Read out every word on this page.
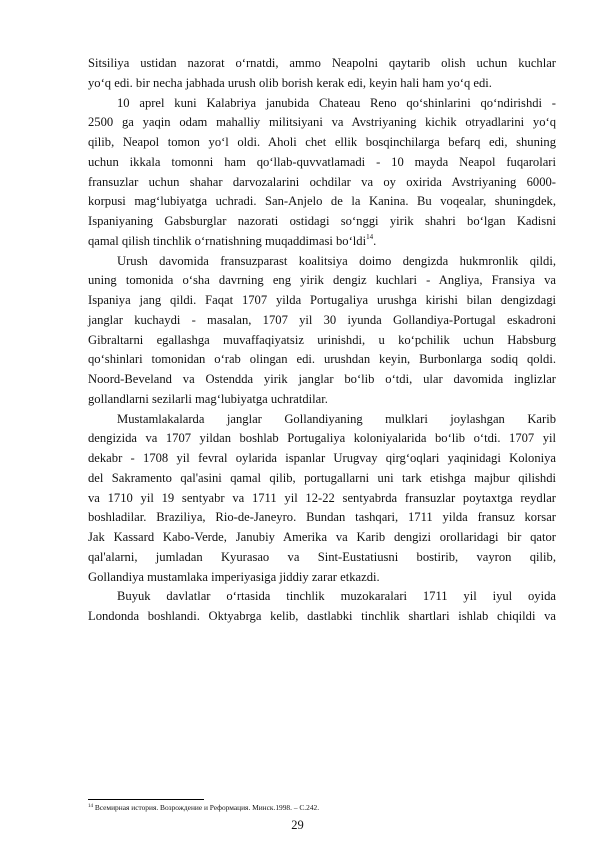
Sitsiliya ustidan nazorat o‘rnatdi, ammo Neapolni qaytarib olish uchun kuchlar
yo‘q edi. bir necha jabhada urush olib borish kerak edi, keyin hali ham yo‘q edi.
10 aprel kuni Kalabriya janubida Chateau Reno qo‘shinlarini qo‘ndirishdi -
2500 ga yaqin odam mahalliy militsiyani va Avstriyaning kichik otryadlarini yo‘q
qilib, Neapol tomon yo‘l oldi. Aholi chet ellik bosqinchilarga befarq edi, shuning
uchun ikkala tomonni ham qo‘llab-quvvatlamadi - 10 mayda Neapol fuqarolari
fransuzlar uchun shahar darvozalarini ochdilar va oy oxirida Avstriyaning 6000-
korpusi mag‘lubiyatga uchradi. San-Anjelo de la Kanina. Bu voqealar, shuningdek,
Ispaniyaning Gabsburglar nazorati ostidagi so‘nggi yirik shahri bo‘lgan Kadisni
qamal qilish tinchlik o‘rnatishning muqaddimasi bo‘ldi$^{14}$.
Urush davomida fransuzparast koalitsiya doimo dengizda hukmronlik qildi,
uning tomonida o‘sha davrning eng yirik dengiz kuchlari - Angliya, Fransiya va
Ispaniya jang qildi. Faqat 1707 yilda Portugaliya urushga kirishi bilan dengizdagi
janglar kuchaydi - masalan, 1707 yil 30 iyunda Gollandiya-Portugal eskadroni
Gibraltarni egallashga muvaffaqiyatsiz urinishdi, u ko‘pchilik uchun Habsburg
qo‘shinlari tomonidan o‘rab olingan edi. urushdan keyin, Burbonlarga sodiq qoldi.
Noord-Beveland va Ostendda yirik janglar bo‘lib o‘tdi, ular davomida inglizlar
gollandlarni sezilarli mag‘lubiyatga uchratdilar.
Mustamlakalarda janglar Gollandiyaning mulklari joylashgan Karib
dengizida va 1707 yildan boshlab Portugaliya koloniyalarida bo‘lib o‘tdi. 1707 yil
dekabr - 1708 yil fevral oylarida ispanlar Urugvay qirg‘oqlari yaqinidagi Koloniya
del Sakramento qal'asini qamal qilib, portugallarni uni tark etishga majbur qilishdi
va 1710 yil 19 sentyabr va 1711 yil 12-22 sentyabrda fransuzlar poytaxtga reydlar
boshladilar. Braziliya, Rio-de-Janeyro. Bundan tashqari, 1711 yilda fransuz korsar
Jak Kassard Kabo-Verde, Janubiy Amerika va Karib dengizi orollaridagi bir qator
qal'alarni, jumladan Kyurasao va Sint-Eustatiusni bostirib, vayron qilib,
Gollandiya mustamlaka imperiyasiga jiddiy zarar etkazdi.
Buyuk davlatlar o‘rtasida tinchlik muzokaralari 1711 yil iyul oyida
Londonda boshlandi. Oktyabrga kelib, dastlabki tinchlik shartlari ishlab chiqildi va
$^{14}$ Всемирная история. Возрождение и Реформация. Минск.1998. – С.242.
29
